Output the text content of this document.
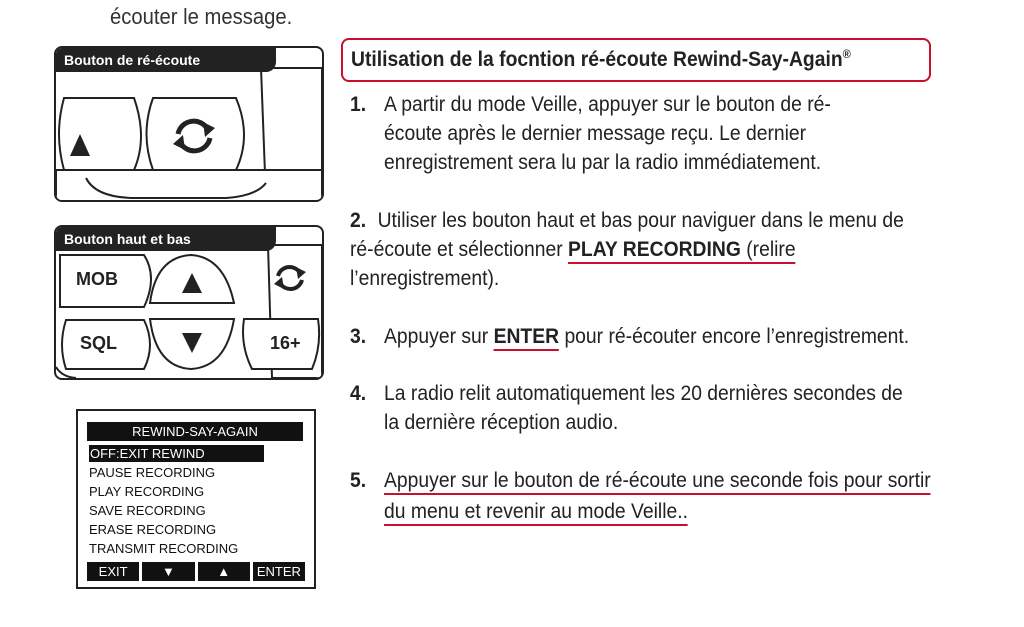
écouter le message.
Bouton de ré-écoute
Bouton haut et bas
MOB
SQL	16+
REWIND-SAY-AGAIN
OFF:EXIT REWIND
PAUSE RECORDING
PLAY RECORDING
SAVE RECORDING
ERASE RECORDING
TRANSMIT RECORDING
EXIT	▼	▲	ENTER
Utilisation de la focntion ré-écoute Rewind-Say-Again®
1. A partir du mode Veille, appuyer sur le bouton de ré-
écoute après le dernier message reçu. Le dernier
enregistrement sera lu par la radio immédiatement.
2. Utiliser les bouton haut et bas pour naviguer dans le menu de
ré-écoute et sélectionner PLAY RECORDING (relire
l’enregistrement).
3. Appuyer sur ENTER pour ré-écouter encore l’enregistrement.
4. La radio relit automatiquement les 20 dernières secondes de
la dernière réception audio.
5. Appuyer sur le bouton de ré-écoute une seconde fois pour sortir
du menu et revenir au mode Veille..
